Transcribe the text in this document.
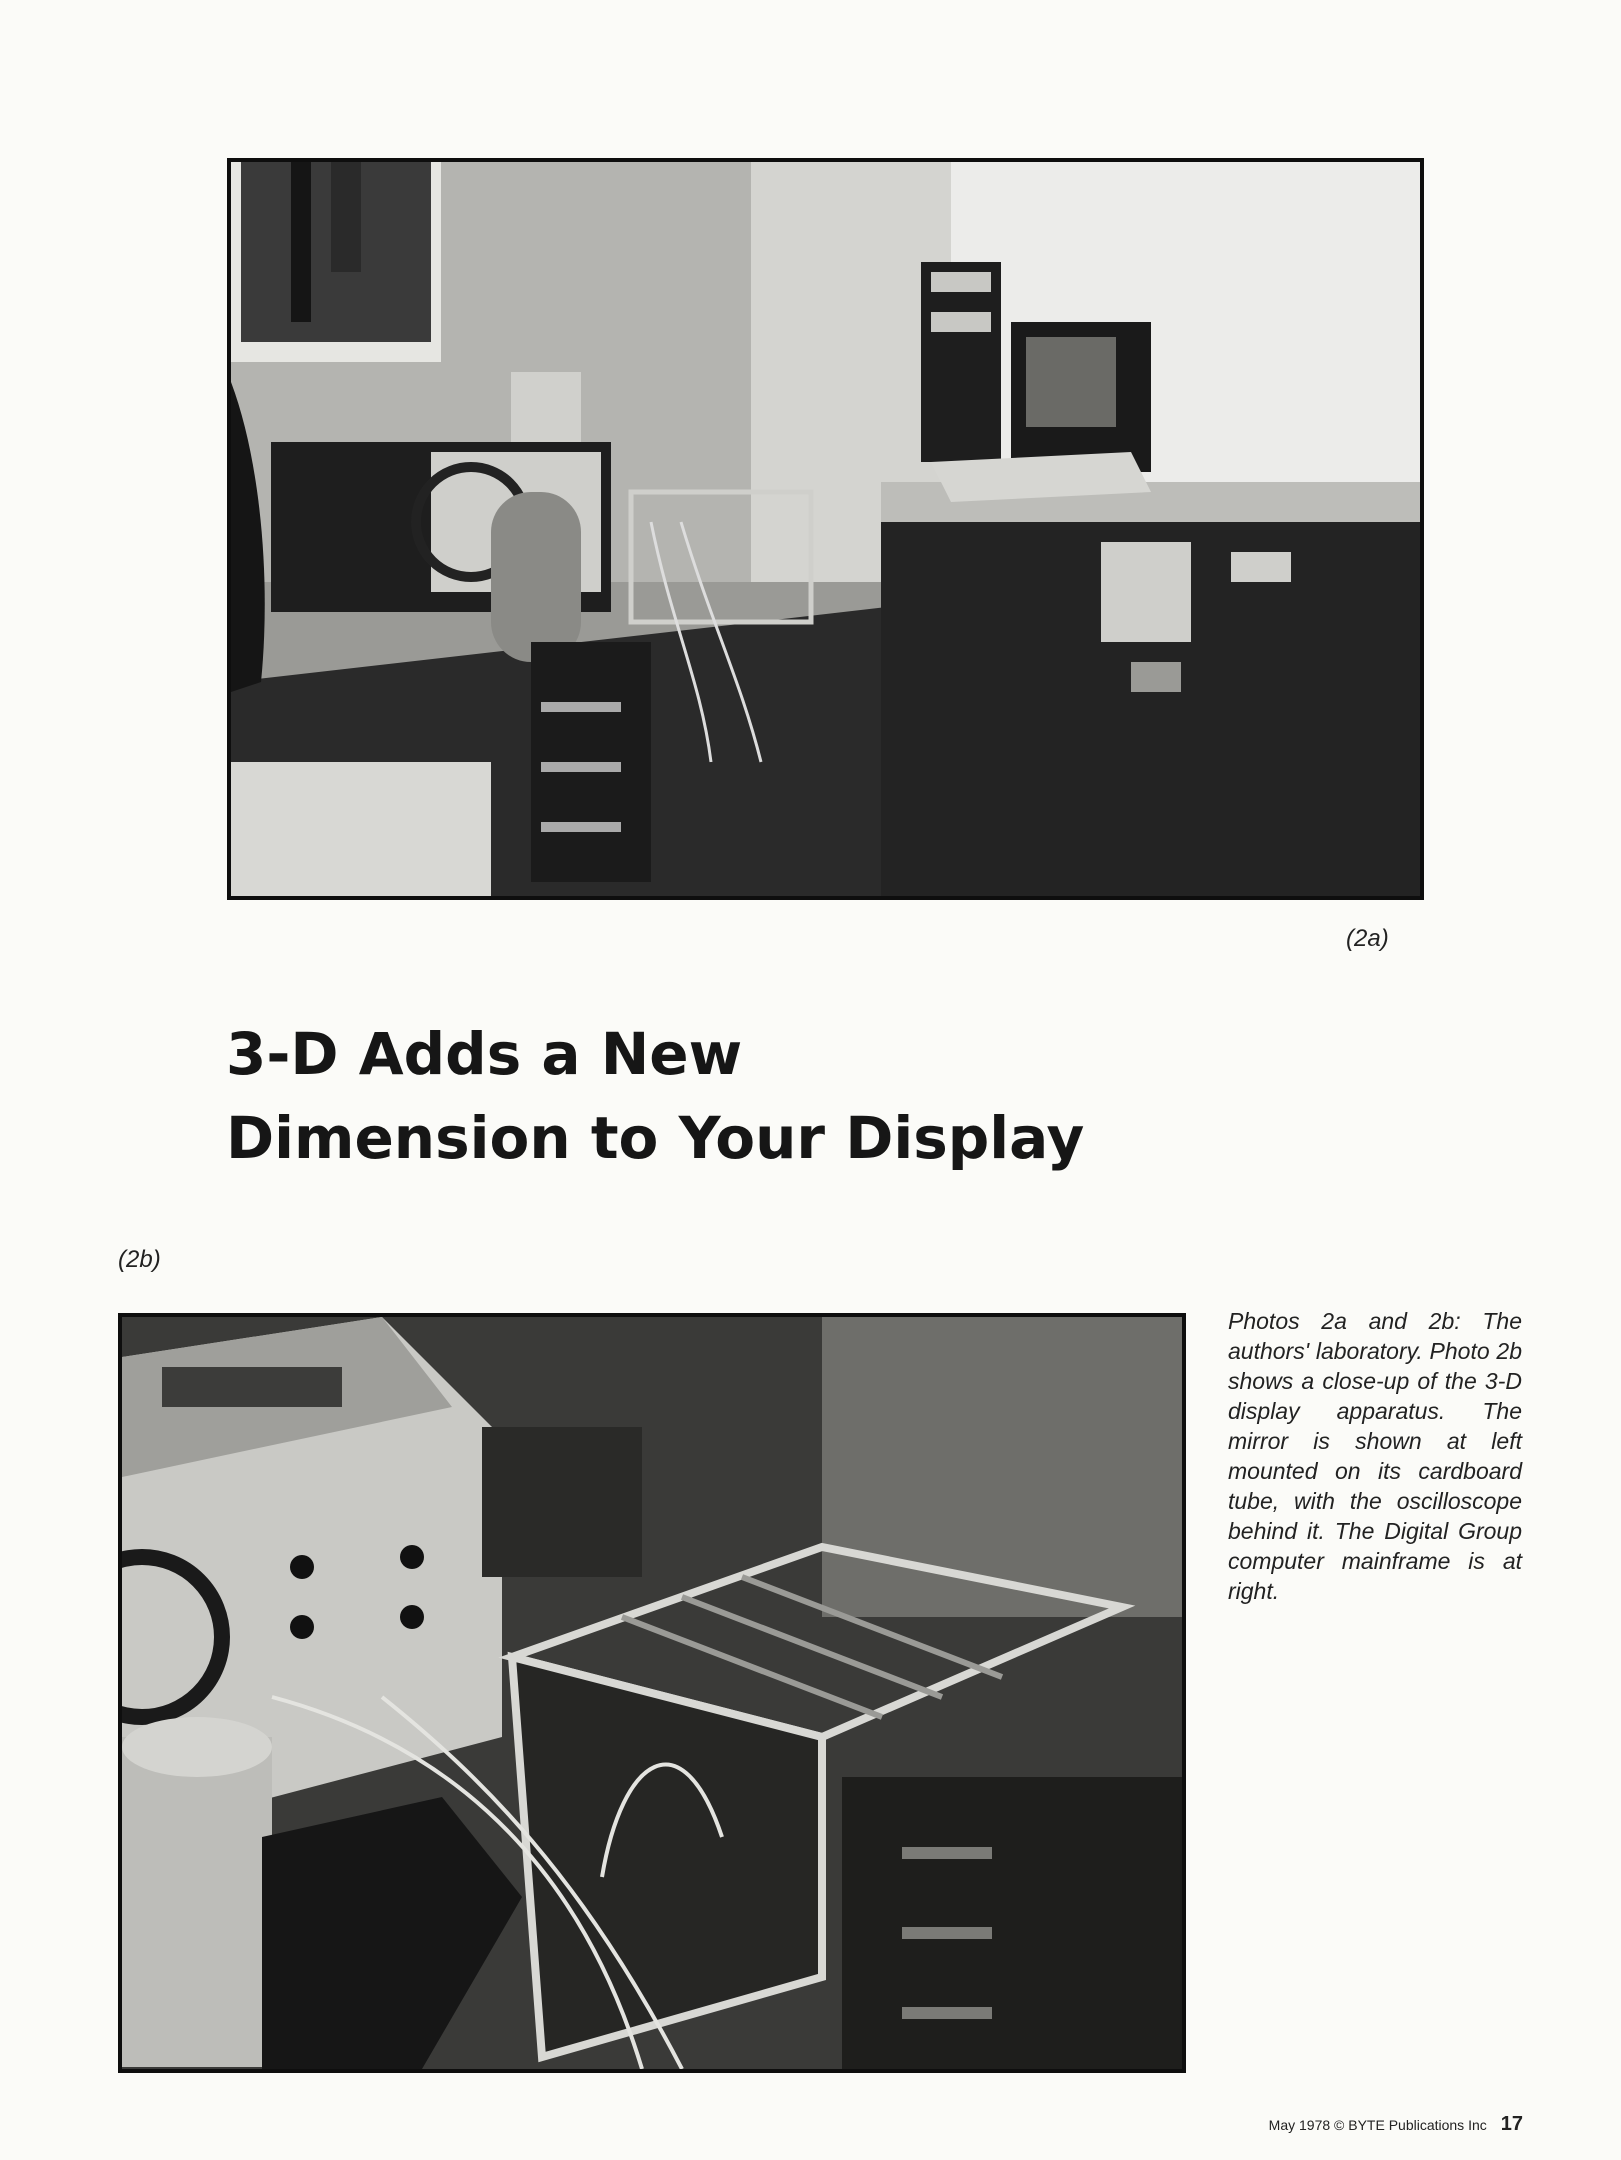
(2a)
3-D Adds a New
Dimension to Your Display
(2b)

Photos 2a and 2b: The authors' laboratory. Photo 2b shows a close-up of the 3-D display apparatus. The mirror is shown at left mounted on its cardboard tube, with the oscilloscope behind it. The Digital Group computer mainframe is at right.

May 1978 © BYTE Publications Inc 17
